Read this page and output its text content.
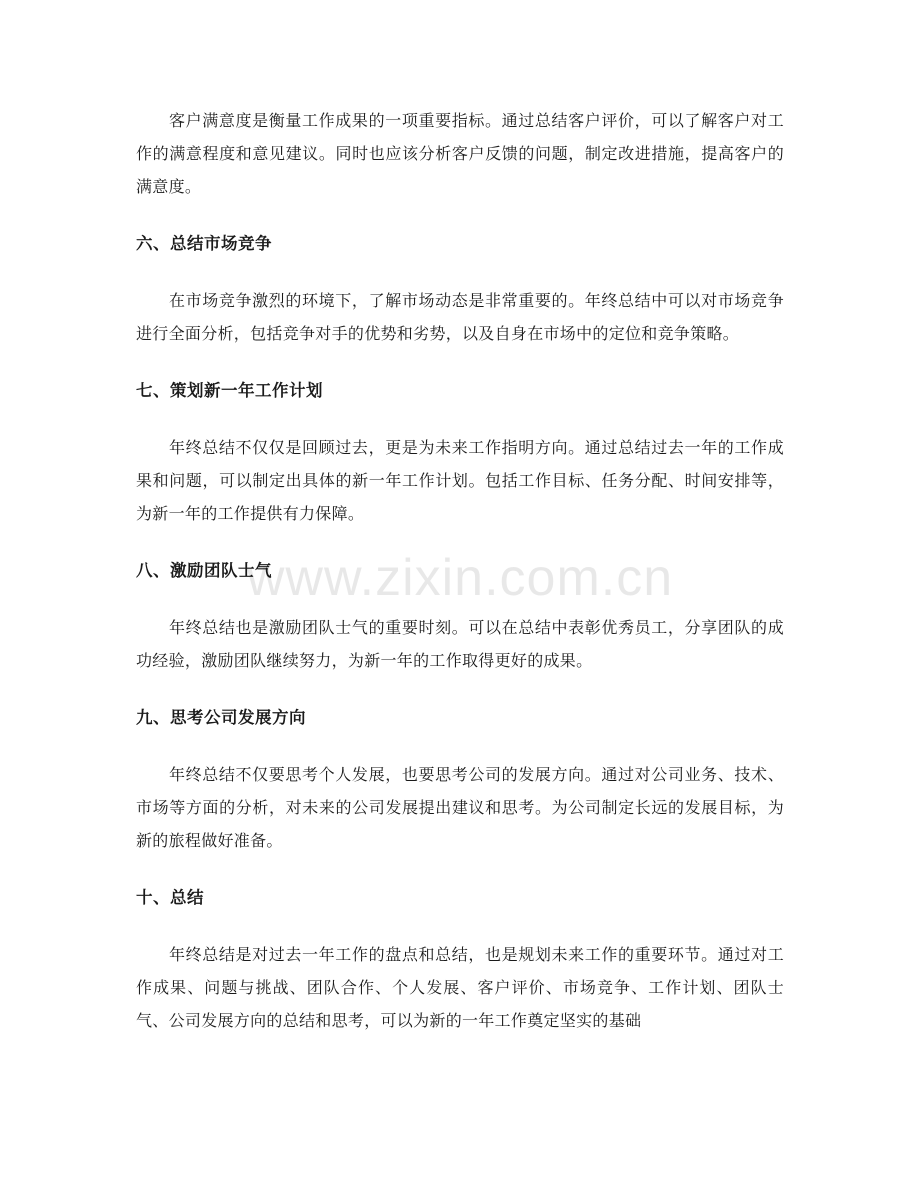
客户满意度是衡量工作成果的一项重要指标。通过总结客户评价，可以了解客户对工作的满意程度和意见建议。同时也应该分析客户反馈的问题，制定改进措施，提高客户的满意度。

六、总结市场竞争

在市场竞争激烈的环境下，了解市场动态是非常重要的。年终总结中可以对市场竞争进行全面分析，包括竞争对手的优势和劣势，以及自身在市场中的定位和竞争策略。

七、策划新一年工作计划

年终总结不仅仅是回顾过去，更是为未来工作指明方向。通过总结过去一年的工作成果和问题，可以制定出具体的新一年工作计划。包括工作目标、任务分配、时间安排等，为新一年的工作提供有力保障。

八、激励团队士气

年终总结也是激励团队士气的重要时刻。可以在总结中表彰优秀员工，分享团队的成功经验，激励团队继续努力，为新一年的工作取得更好的成果。

九、思考公司发展方向

年终总结不仅要思考个人发展，也要思考公司的发展方向。通过对公司业务、技术、市场等方面的分析，对未来的公司发展提出建议和思考。为公司制定长远的发展目标，为新的旅程做好准备。

十、总结

年终总结是对过去一年工作的盘点和总结，也是规划未来工作的重要环节。通过对工作成果、问题与挑战、团队合作、个人发展、客户评价、市场竞争、工作计划、团队士气、公司发展方向的总结和思考，可以为新的一年工作奠定坚实的基础

www.zixin.com.cn
